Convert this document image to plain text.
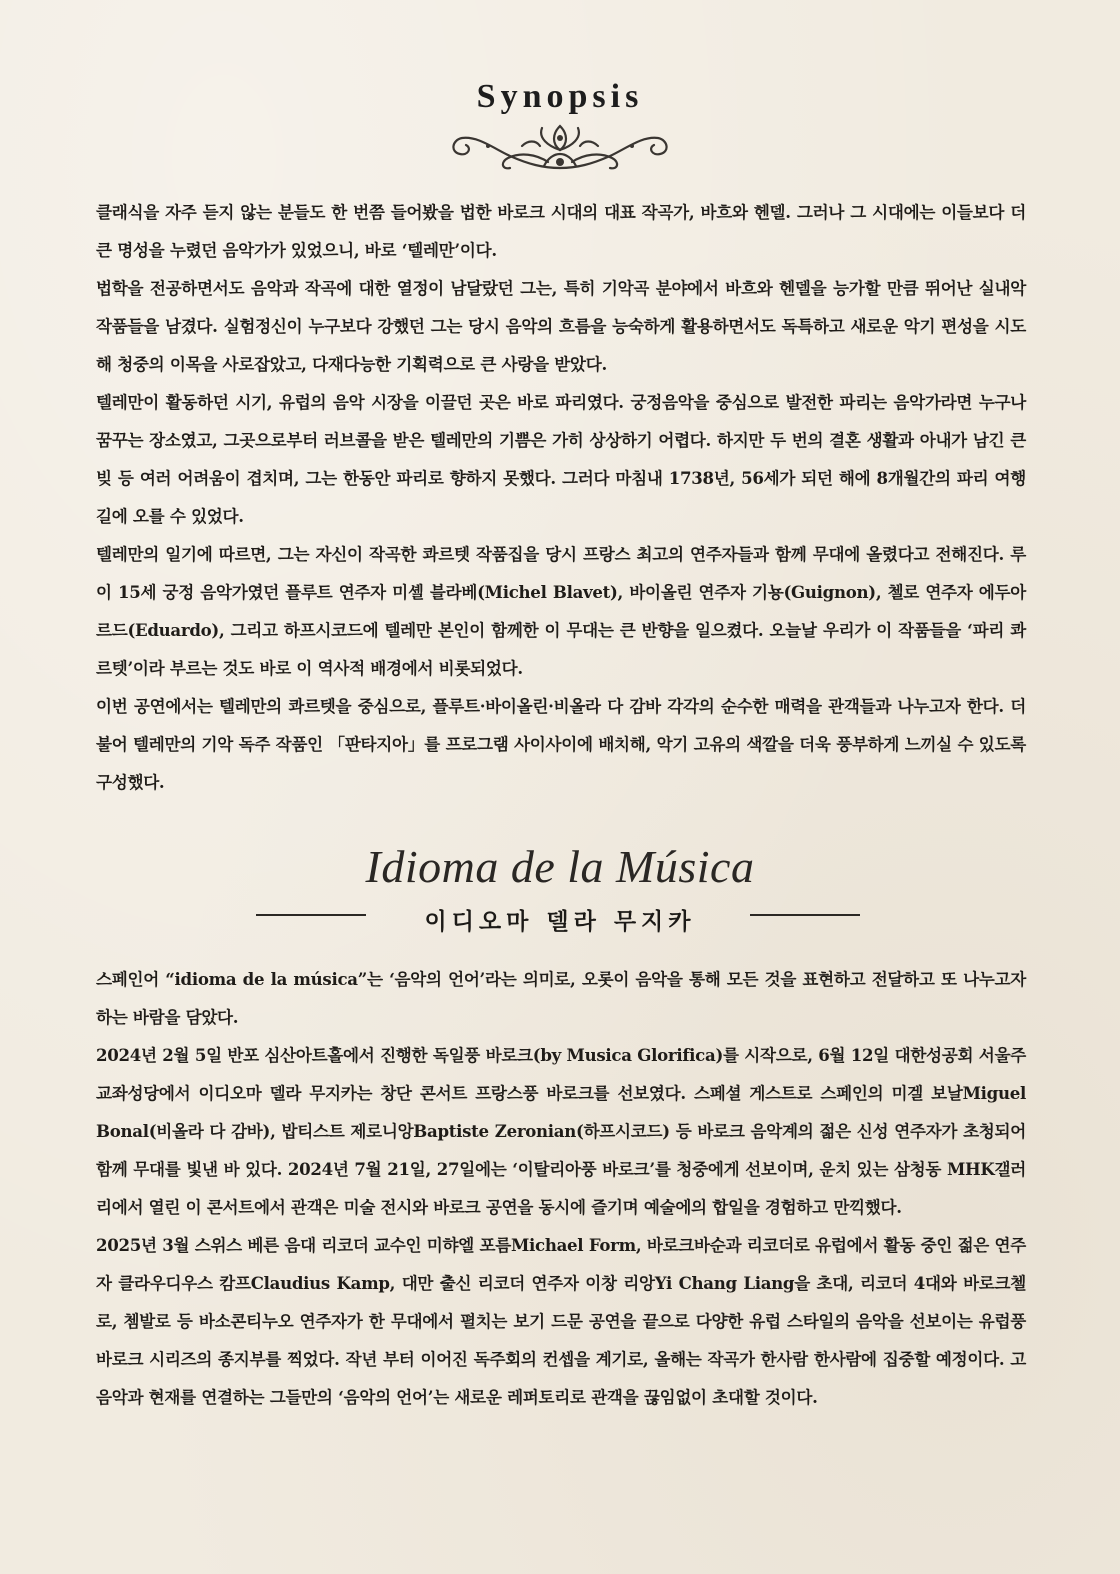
Synopsis

클래식을 자주 듣지 않는 분들도 한 번쯤 들어봤을 법한 바로크 시대의 대표 작곡가, 바흐와 헨델. 그러나 그 시대에는 이들보다 더 큰 명성을 누렸던 음악가가 있었으니, 바로 ‘텔레만’이다.

법학을 전공하면서도 음악과 작곡에 대한 열정이 남달랐던 그는, 특히 기악곡 분야에서 바흐와 헨델을 능가할 만큼 뛰어난 실내악 작품들을 남겼다. 실험정신이 누구보다 강했던 그는 당시 음악의 흐름을 능숙하게 활용하면서도 독특하고 새로운 악기 편성을 시도해 청중의 이목을 사로잡았고, 다재다능한 기획력으로 큰 사랑을 받았다.

텔레만이 활동하던 시기, 유럽의 음악 시장을 이끌던 곳은 바로 파리였다. 궁정음악을 중심으로 발전한 파리는 음악가라면 누구나 꿈꾸는 장소였고, 그곳으로부터 러브콜을 받은 텔레만의 기쁨은 가히 상상하기 어렵다. 하지만 두 번의 결혼 생활과 아내가 남긴 큰 빚 등 여러 어려움이 겹치며, 그는 한동안 파리로 향하지 못했다. 그러다 마침내 1738년, 56세가 되던 해에 8개월간의 파리 여행길에 오를 수 있었다.

텔레만의 일기에 따르면, 그는 자신이 작곡한 콰르텟 작품집을 당시 프랑스 최고의 연주자들과 함께 무대에 올렸다고 전해진다. 루이 15세 궁정 음악가였던 플루트 연주자 미셸 블라베(Michel Blavet), 바이올린 연주자 기뇽(Guignon), 첼로 연주자 에두아르드(Eduardo), 그리고 하프시코드에 텔레만 본인이 함께한 이 무대는 큰 반향을 일으켰다. 오늘날 우리가 이 작품들을 ‘파리 콰르텟’이라 부르는 것도 바로 이 역사적 배경에서 비롯되었다.

이번 공연에서는 텔레만의 콰르텟을 중심으로, 플루트·바이올린·비올라 다 감바 각각의 순수한 매력을 관객들과 나누고자 한다. 더불어 텔레만의 기악 독주 작품인 「판타지아」를 프로그램 사이사이에 배치해, 악기 고유의 색깔을 더욱 풍부하게 느끼실 수 있도록 구성했다.

Idioma de la Música
이디오마 델라 무지카

스페인어 “idioma de la música”는 ‘음악의 언어’라는 의미로, 오롯이 음악을 통해 모든 것을 표현하고 전달하고 또 나누고자 하는 바람을 담았다.

2024년 2월 5일 반포 심산아트홀에서 진행한 독일풍 바로크(by Musica Glorifica)를 시작으로, 6월 12일 대한성공회 서울주교좌성당에서 이디오마 델라 무지카는 창단 콘서트 프랑스풍 바로크를 선보였다. 스페셜 게스트로 스페인의 미겔 보날Miguel Bonal(비올라 다 감바), 밥티스트 제로니앙Baptiste Zeronian(하프시코드) 등 바로크 음악계의 젊은 신성 연주자가 초청되어 함께 무대를 빛낸 바 있다. 2024년 7월 21일, 27일에는 ‘이탈리아풍 바로크’를 청중에게 선보이며, 운치 있는 삼청동 MHK갤러리에서 열린 이 콘서트에서 관객은 미술 전시와 바로크 공연을 동시에 즐기며 예술에의 합일을 경험하고 만끽했다.

2025년 3월 스위스 베른 음대 리코더 교수인 미햐엘 포름Michael Form, 바로크바순과 리코더로 유럽에서 활동 중인 젊은 연주자 클라우디우스 캄프Claudius Kamp, 대만 출신 리코더 연주자 이창 리앙Yi Chang Liang을 초대, 리코더 4대와 바로크첼로, 쳄발로 등 바소콘티누오 연주자가 한 무대에서 펼치는 보기 드문 공연을 끝으로 다양한 유럽 스타일의 음악을 선보이는 유럽풍 바로크 시리즈의 종지부를 찍었다. 작년 부터 이어진 독주회의 컨셉을 계기로, 올해는 작곡가 한사람 한사람에 집중할 예정이다. 고음악과 현재를 연결하는 그들만의 ‘음악의 언어’는 새로운 레퍼토리로 관객을 끊임없이 초대할 것이다.
